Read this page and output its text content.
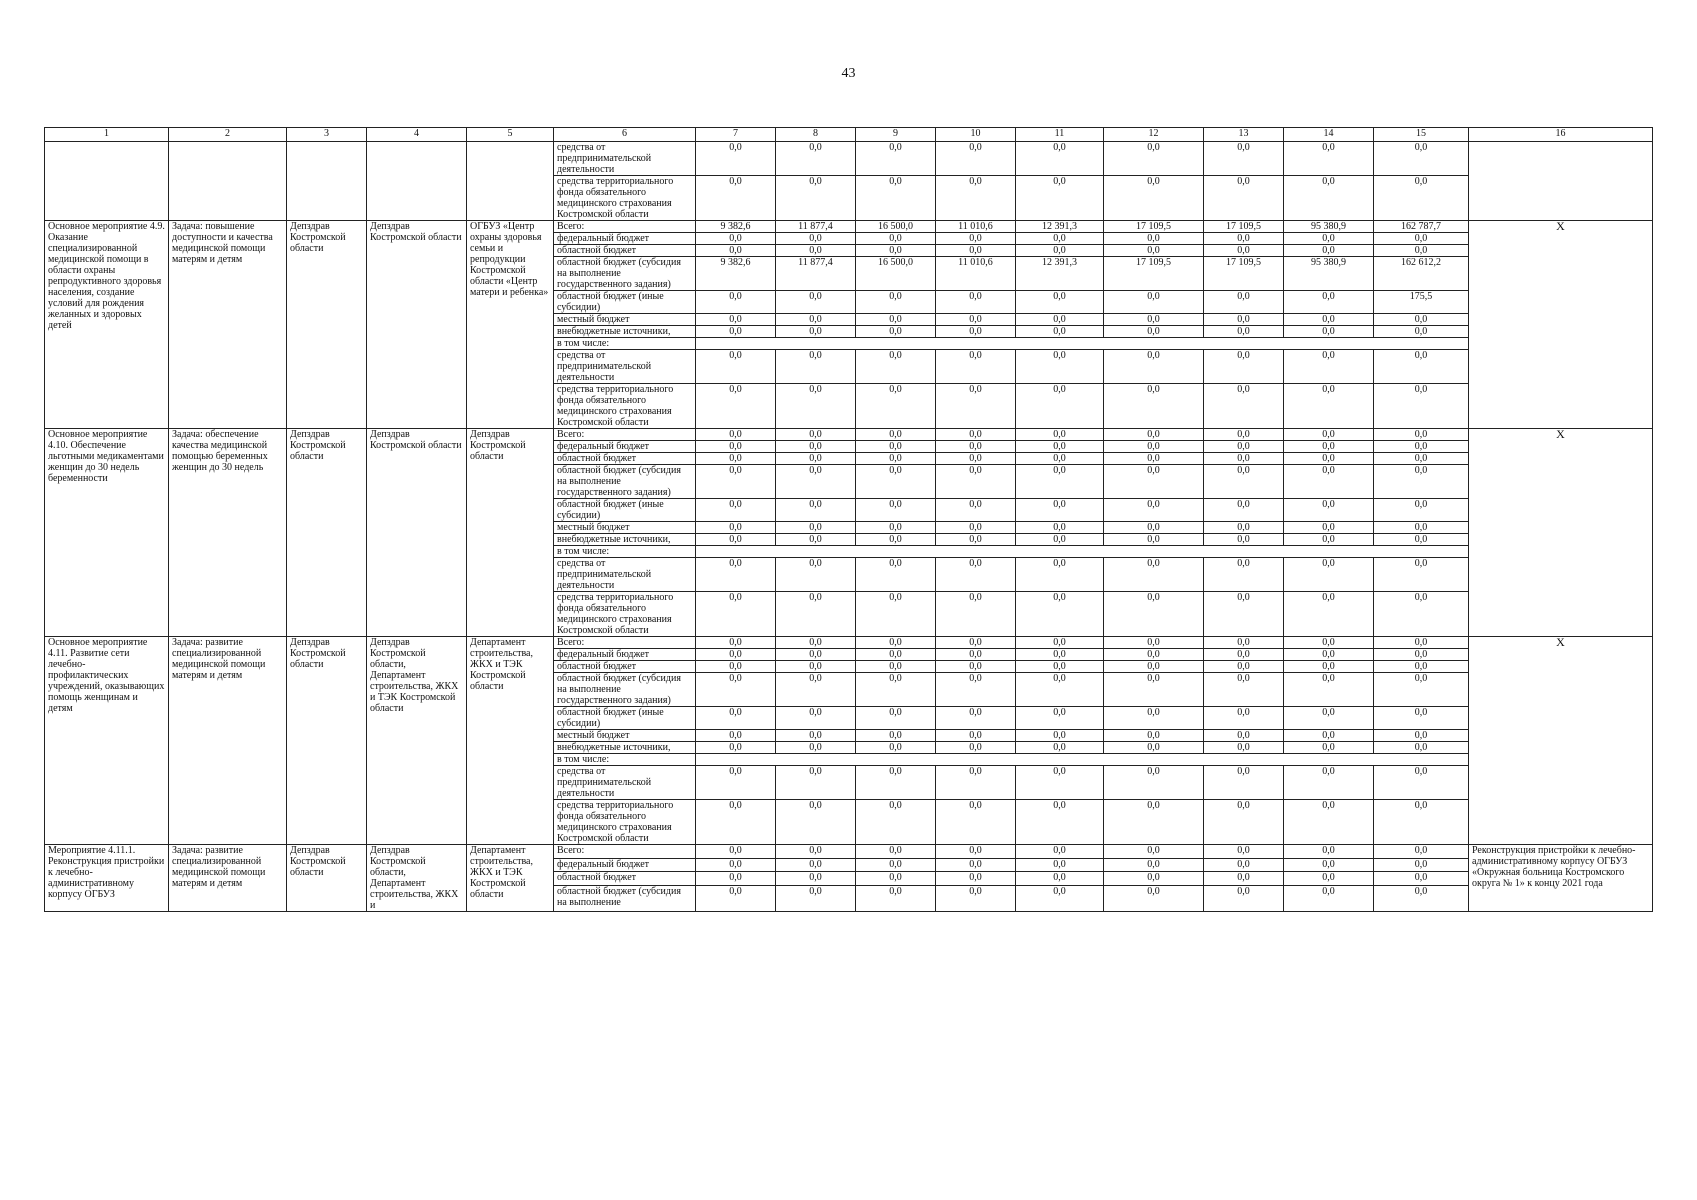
43
1	2	3	4	5	6	7	8	9	10	11	12	13	14	15	16
					средства от предпринимательской деятельности	0,0	0,0	0,0	0,0	0,0	0,0	0,0	0,0	0,0	
					средства территориального фонда обязательного медицинского страхования Костромской области	0,0	0,0	0,0	0,0	0,0	0,0	0,0	0,0	0,0	
Основное мероприятие 4.9. Оказание специализированной медицинской помощи в области охраны репродуктивного здоровья населения, создание условий для рождения желанных и здоровых детей	Задача: повышение доступности и качества медицинской помощи матерям и детям	Депздрав Костромской области	Депздрав Костромской области	ОГБУЗ «Центр охраны здоровья семьи и репродукции Костромской области «Центр матери и ребенка»	Всего:	9 382,6	11 877,4	16 500,0	11 010,6	12 391,3	17 109,5	17 109,5	95 380,9	162 787,7	Х
					федеральный бюджет	0,0	0,0	0,0	0,0	0,0	0,0	0,0	0,0	0,0	
					областной бюджет	0,0	0,0	0,0	0,0	0,0	0,0	0,0	0,0	0,0	
					областной бюджет (субсидия на выполнение государственного задания)	9 382,6	11 877,4	16 500,0	11 010,6	12 391,3	17 109,5	17 109,5	95 380,9	162 612,2	
					областной бюджет (иные субсидии)	0,0	0,0	0,0	0,0	0,0	0,0	0,0	0,0	175,5	
					местный бюджет	0,0	0,0	0,0	0,0	0,0	0,0	0,0	0,0	0,0	
					внебюджетные источники,	0,0	0,0	0,0	0,0	0,0	0,0	0,0	0,0	0,0	
					в том числе:										
					средства от предпринимательской деятельности	0,0	0,0	0,0	0,0	0,0	0,0	0,0	0,0	0,0	
					средства территориального фонда обязательного медицинского страхования Костромской области	0,0	0,0	0,0	0,0	0,0	0,0	0,0	0,0	0,0	
Основное мероприятие 4.10. Обеспечение льготными медикаментами женщин до 30 недель беременности	Задача: обеспечение качества медицинской помощью беременных женщин до 30 недель	Депздрав Костромской области	Депздрав Костромской области	Депздрав Костромской области	Всего:	0,0	0,0	0,0	0,0	0,0	0,0	0,0	0,0	0,0	Х
					федеральный бюджет	0,0	0,0	0,0	0,0	0,0	0,0	0,0	0,0	0,0	
					областной бюджет	0,0	0,0	0,0	0,0	0,0	0,0	0,0	0,0	0,0	
					областной бюджет (субсидия на выполнение государственного задания)	0,0	0,0	0,0	0,0	0,0	0,0	0,0	0,0	0,0	
					областной бюджет (иные субсидии)	0,0	0,0	0,0	0,0	0,0	0,0	0,0	0,0	0,0	
					местный бюджет	0,0	0,0	0,0	0,0	0,0	0,0	0,0	0,0	0,0	
					внебюджетные источники,	0,0	0,0	0,0	0,0	0,0	0,0	0,0	0,0	0,0	
					в том числе:										
					средства от предпринимательской деятельности	0,0	0,0	0,0	0,0	0,0	0,0	0,0	0,0	0,0	
					средства территориального фонда обязательного медицинского страхования Костромской области	0,0	0,0	0,0	0,0	0,0	0,0	0,0	0,0	0,0	
Основное мероприятие 4.11. Развитие сети лечебно-профилактических учреждений, оказывающих помощь женщинам и детям	Задача: развитие специализированной медицинской помощи матерям и детям	Депздрав Костромской области	Депздрав Костромской области, Департамент строительства, ЖКХ и ТЭК Костромской области	Департамент строительства, ЖКХ и ТЭК Костромской области	Всего:	0,0	0,0	0,0	0,0	0,0	0,0	0,0	0,0	0,0	Х
					федеральный бюджет	0,0	0,0	0,0	0,0	0,0	0,0	0,0	0,0	0,0	
					областной бюджет	0,0	0,0	0,0	0,0	0,0	0,0	0,0	0,0	0,0	
					областной бюджет (субсидия на выполнение государственного задания)	0,0	0,0	0,0	0,0	0,0	0,0	0,0	0,0	0,0	
					областной бюджет (иные субсидии)	0,0	0,0	0,0	0,0	0,0	0,0	0,0	0,0	0,0	
					местный бюджет	0,0	0,0	0,0	0,0	0,0	0,0	0,0	0,0	0,0	
					внебюджетные источники,	0,0	0,0	0,0	0,0	0,0	0,0	0,0	0,0	0,0	
					в том числе:										
					средства от предпринимательской деятельности	0,0	0,0	0,0	0,0	0,0	0,0	0,0	0,0	0,0	
					средства территориального фонда обязательного медицинского страхования Костромской области	0,0	0,0	0,0	0,0	0,0	0,0	0,0	0,0	0,0	
Мероприятие 4.11.1. Реконструкция пристройки к лечебно-административному корпусу ОГБУЗ	Задача: развитие специализированной медицинской помощи матерям и детям	Депздрав Костромской области	Депздрав Костромской области, Департамент строительства, ЖКХ и	Департамент строительства, ЖКХ и ТЭК Костромской области	Всего:	0,0	0,0	0,0	0,0	0,0	0,0	0,0	0,0	0,0	Реконструкция пристройки к лечебно-административному корпусу ОГБУЗ «Окружная больница Костромского округа № 1» к концу 2021 года
					федеральный бюджет	0,0	0,0	0,0	0,0	0,0	0,0	0,0	0,0	0,0	
					областной бюджет	0,0	0,0	0,0	0,0	0,0	0,0	0,0	0,0	0,0	
					областной бюджет (субсидия на выполнение	0,0	0,0	0,0	0,0	0,0	0,0	0,0	0,0	0,0	
